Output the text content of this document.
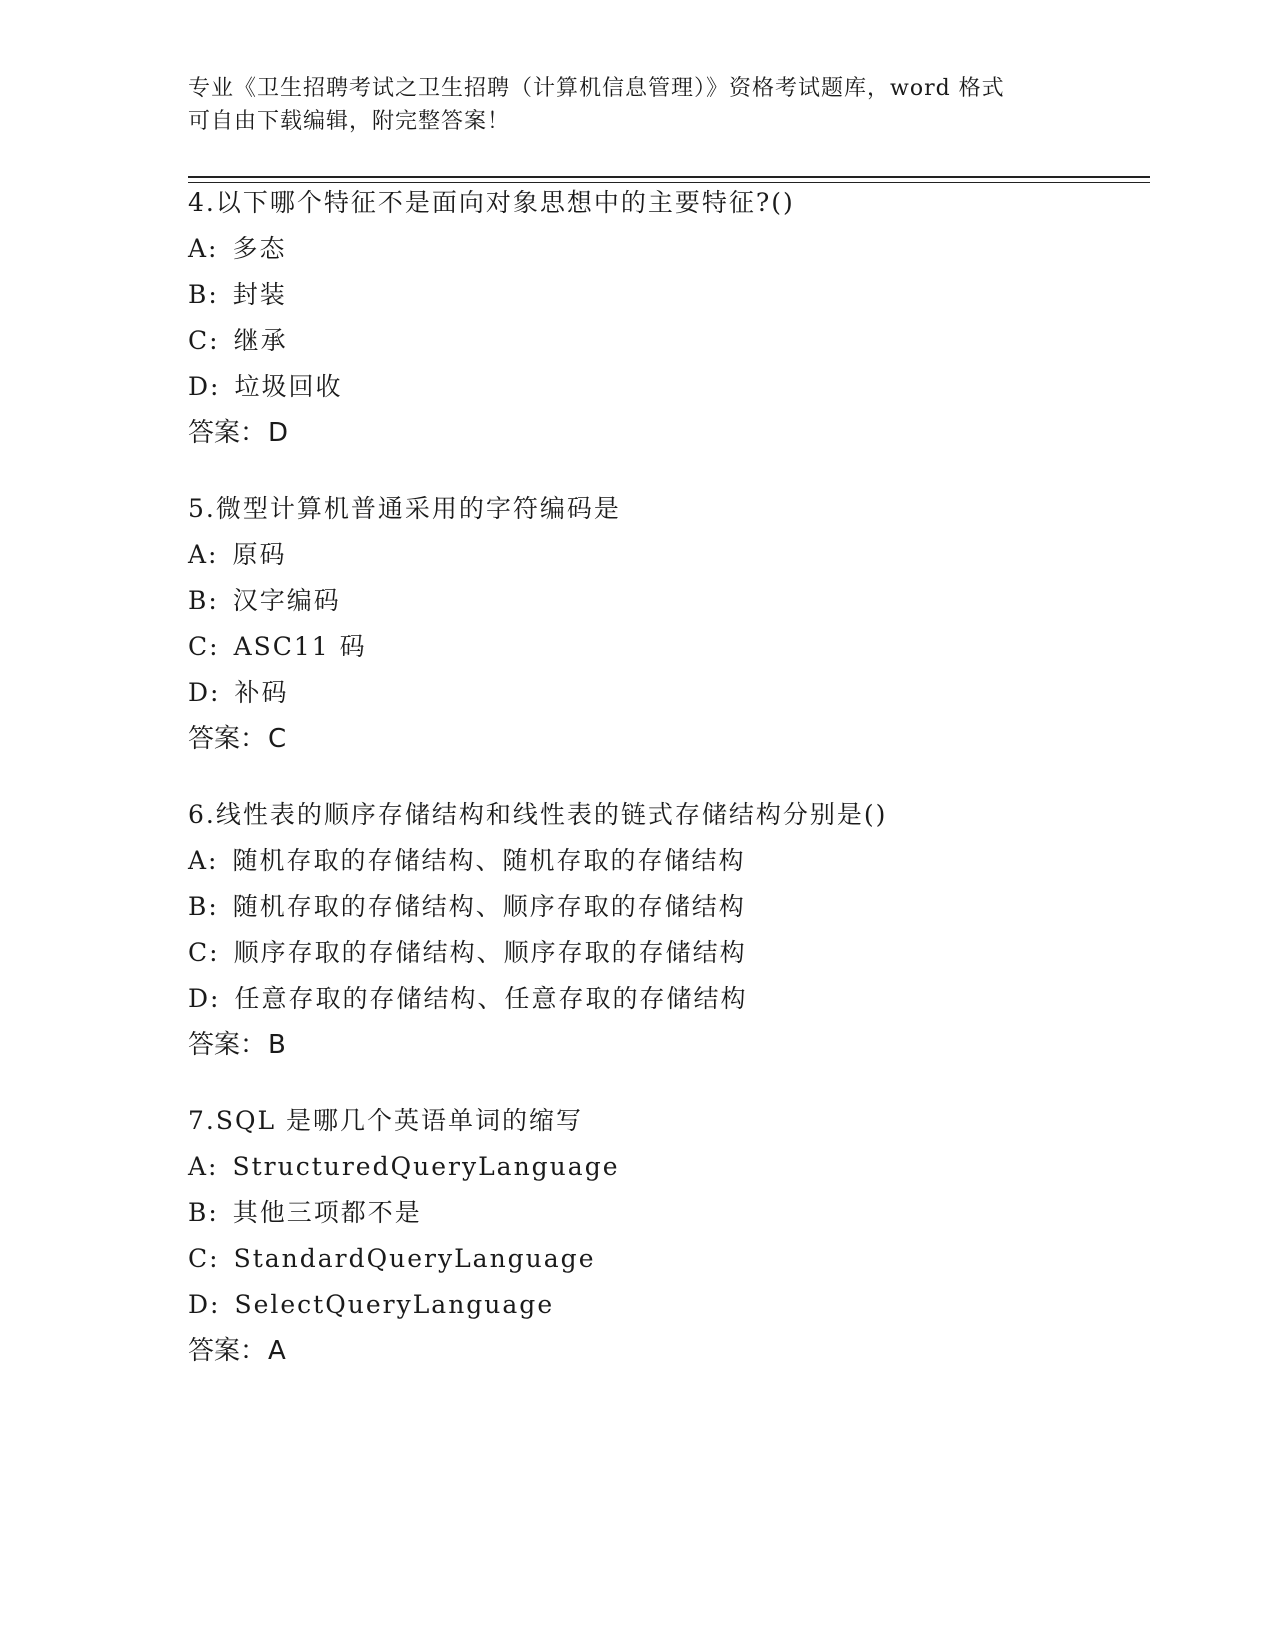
专业《卫生招聘考试之卫生招聘（计算机信息管理）》资格考试题库，word 格式
可自由下载编辑，附完整答案！
4.以下哪个特征不是面向对象思想中的主要特征?()
A: 多态
B: 封装
C: 继承
D: 垃圾回收
答案：D
5.微型计算机普通采用的字符编码是
A: 原码
B: 汉字编码
C: ASC11 码
D: 补码
答案：C
6.线性表的顺序存储结构和线性表的链式存储结构分别是()
A: 随机存取的存储结构、随机存取的存储结构
B: 随机存取的存储结构、顺序存取的存储结构
C: 顺序存取的存储结构、顺序存取的存储结构
D: 任意存取的存储结构、任意存取的存储结构
答案：B
7.SQL 是哪几个英语单词的缩写
A: StructuredQueryLanguage
B: 其他三项都不是
C: StandardQueryLanguage
D: SelectQueryLanguage
答案：A
